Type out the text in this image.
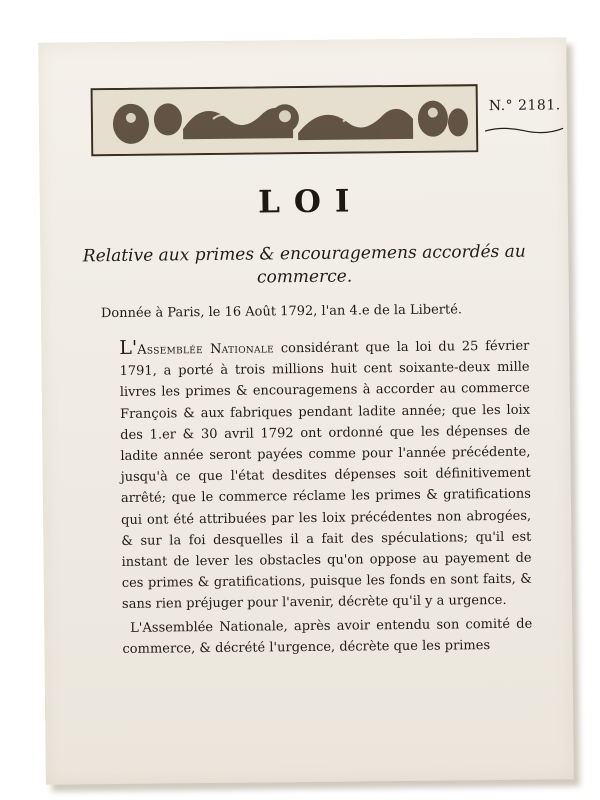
N.° 2181.

LOI
Relative aux primes & encouragemens accordés au commerce.
Donnée à Paris, le 16 Août 1792, l'an 4.e de la Liberté.

L'Assemblée Nationale considérant que la loi du 25 février 1791, a porté à trois millions huit cent soixante-deux mille livres les primes & encouragemens à accorder au commerce François & aux fabriques pendant ladite année; que les loix des 1.er & 30 avril 1792 ont ordonné que les dépenses de ladite année seront payées comme pour l'année précédente, jusqu'à ce que l'état desdites dépenses soit définitivement arrêté; que le commerce réclame les primes & gratifications qui ont été attribuées par les loix précédentes non abrogées, & sur la foi desquelles il a fait des spéculations; qu'il est instant de lever les obstacles qu'on oppose au payement de ces primes & gratifications, puisque les fonds en sont faits, & sans rien préjuger pour l'avenir, décrète qu'il y a urgence.

L'Assemblée Nationale, après avoir entendu son comité de commerce, & décrété l'urgence, décrète que les primes
